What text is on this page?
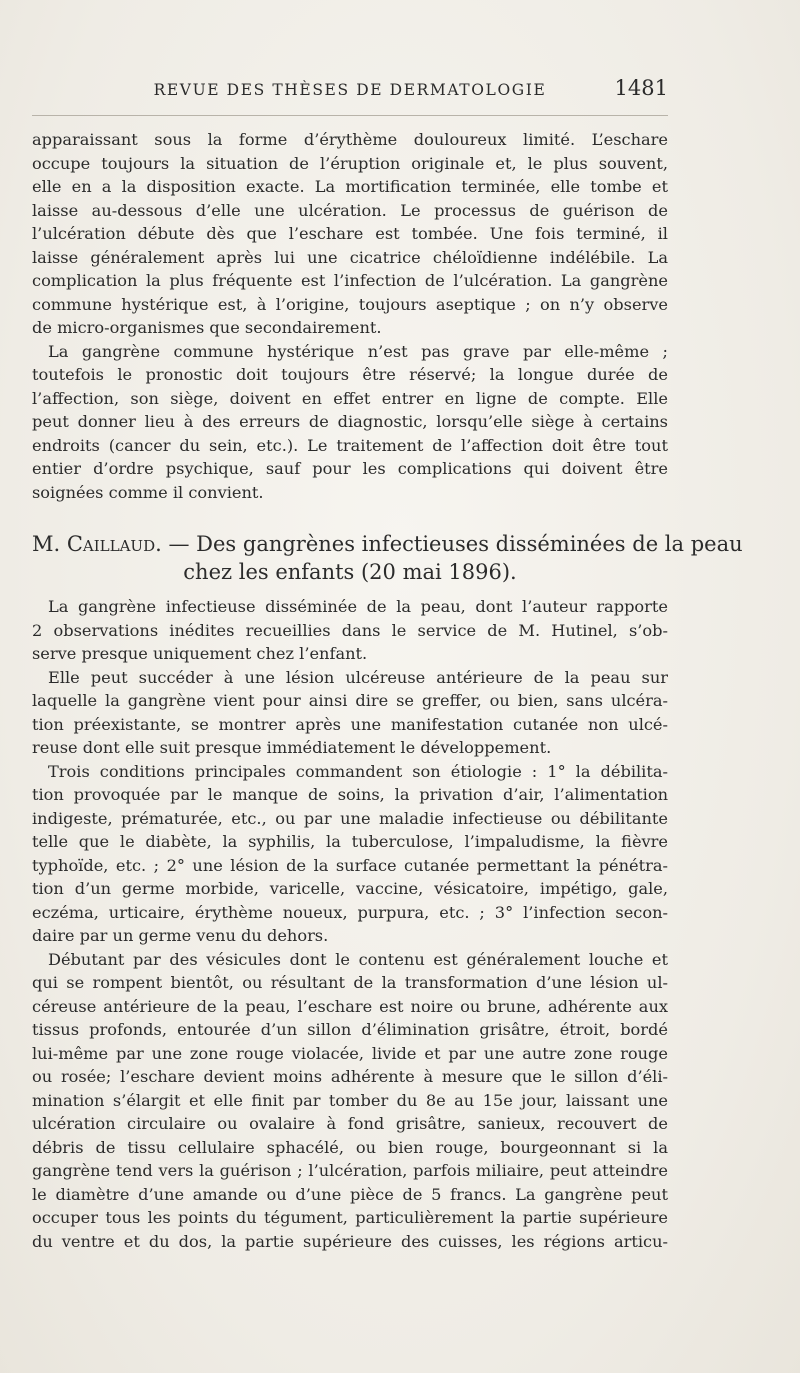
REVUE DES THÈSES DE DERMATOLOGIE	1481
apparaissant sous la forme d’érythème douloureux limité. L’eschare
occupe toujours la situation de l’éruption originale et, le plus souvent,
elle en a la disposition exacte. La mortification terminée, elle tombe et
laisse au-dessous d’elle une ulcération. Le processus de guérison de
l’ulcération débute dès que l’eschare est tombée. Une fois terminé, il
laisse généralement après lui une cicatrice chéloïdienne indélébile. La
complication la plus fréquente est l’infection de l’ulcération. La gangrène
commune hystérique est, à l’origine, toujours aseptique ; on n’y observe
de micro-organismes que secondairement.
La gangrène commune hystérique n’est pas grave par elle-même ;
toutefois le pronostic doit toujours être réservé; la longue durée de
l’affection, son siège, doivent en effet entrer en ligne de compte. Elle
peut donner lieu à des erreurs de diagnostic, lorsqu’elle siège à certains
endroits (cancer du sein, etc.). Le traitement de l’affection doit être tout
entier d’ordre psychique, sauf pour les complications qui doivent être
soignées comme il convient.
M. Caillaud. — Des gangrènes infectieuses disséminées de la peau
chez les enfants (20 mai 1896).
La gangrène infectieuse disséminée de la peau, dont l’auteur rapporte
2 observations inédites recueillies dans le service de M. Hutinel, s’ob-
serve presque uniquement chez l’enfant.
Elle peut succéder à une lésion ulcéreuse antérieure de la peau sur
laquelle la gangrène vient pour ainsi dire se greffer, ou bien, sans ulcéra-
tion préexistante, se montrer après une manifestation cutanée non ulcé-
reuse dont elle suit presque immédiatement le développement.
Trois conditions principales commandent son étiologie : 1° la débilita-
tion provoquée par le manque de soins, la privation d’air, l’alimentation
indigeste, prématurée, etc., ou par une maladie infectieuse ou débilitante
telle que le diabète, la syphilis, la tuberculose, l’impaludisme, la fièvre
typhoïde, etc. ; 2° une lésion de la surface cutanée permettant la pénétra-
tion d’un germe morbide, varicelle, vaccine, vésicatoire, impétigo, gale,
eczéma, urticaire, érythème noueux, purpura, etc. ; 3° l’infection secon-
daire par un germe venu du dehors.
Débutant par des vésicules dont le contenu est généralement louche et
qui se rompent bientôt, ou résultant de la transformation d’une lésion ul-
céreuse antérieure de la peau, l’eschare est noire ou brune, adhérente aux
tissus profonds, entourée d’un sillon d’élimination grisâtre, étroit, bordé
lui-même par une zone rouge violacée, livide et par une autre zone rouge
ou rosée; l’eschare devient moins adhérente à mesure que le sillon d’éli-
mination s’élargit et elle finit par tomber du 8e au 15e jour, laissant une
ulcération circulaire ou ovalaire à fond grisâtre, sanieux, recouvert de
débris de tissu cellulaire sphacélé, ou bien rouge, bourgeonnant si la
gangrène tend vers la guérison ; l’ulcération, parfois miliaire, peut atteindre
le diamètre d’une amande ou d’une pièce de 5 francs. La gangrène peut
occuper tous les points du tégument, particulièrement la partie supérieure
du ventre et du dos, la partie supérieure des cuisses, les régions articu-
